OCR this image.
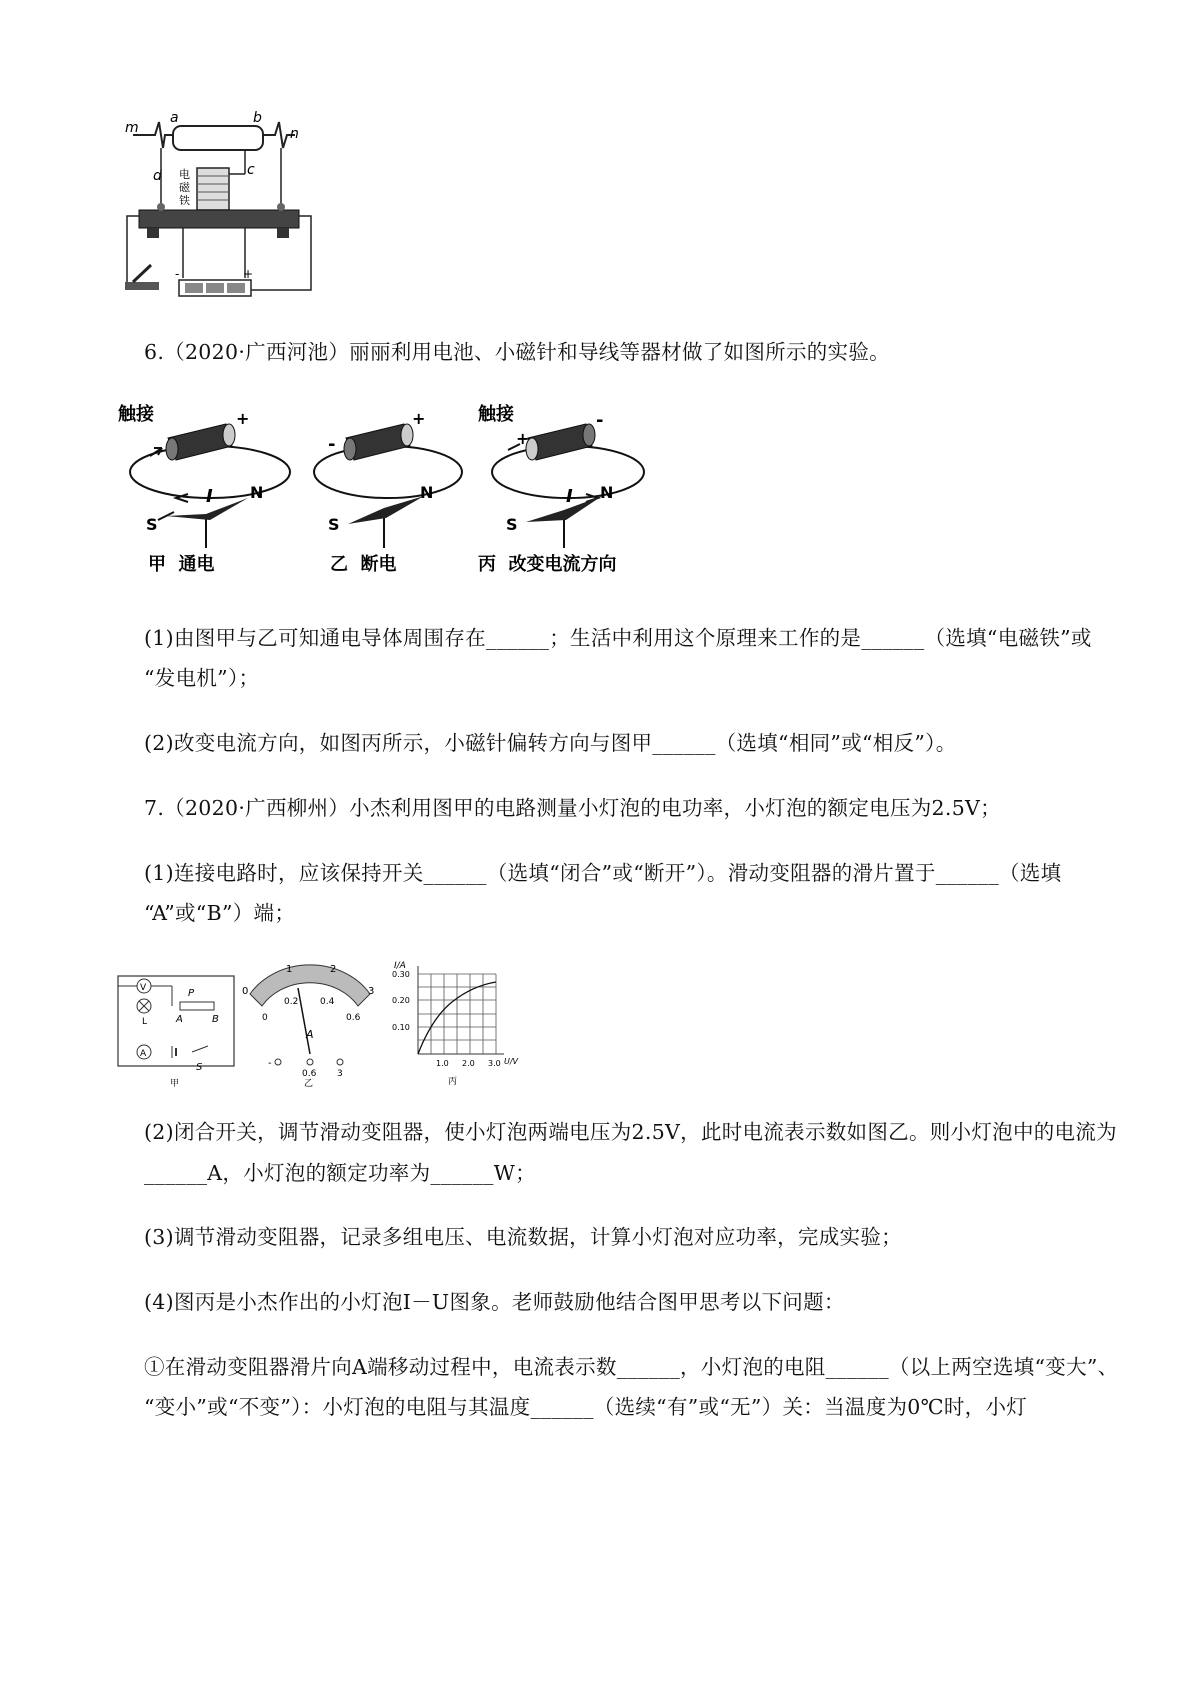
m
a	b
n
d	c
电
磁
铁
-	+
6.（2020·广西河池）丽丽利用电池、小磁针和导线等器材做了如图所示的实验。
触接	+
I
S
N
甲  通电
-
+
S
N
乙  断电
触接
+
-
I
S
N
丙  改变电流方向
(1)由图甲与乙可知通电导体周围存在______；生活中利用这个原理来工作的是______（选填“电磁铁”或
“发电机”）；
(2)改变电流方向，如图丙所示，小磁针偏转方向与图甲______（选填“相同”或“相反”）。
7.（2020·广西柳州）小杰利用图甲的电路测量小灯泡的电功率，小灯泡的额定电压为2.5V；
(1)连接电路时，应该保持开关______（选填“闭合”或“断开”）。滑动变阻器的滑片置于______（选填
“A”或“B”）端；
V
L
P
A	B
A
S
甲
0
1	2
3
0
0.2 0.4
0.6
A
-
0.6 3
乙
I/A
0.30
0.20
0.10
1.0 2.0 3.0 U/V
丙
(2)闭合开关，调节滑动变阻器，使小灯泡两端电压为2.5V，此时电流表示数如图乙。则小灯泡中的电流为
______A，小灯泡的额定功率为______W；
(3)调节滑动变阻器，记录多组电压、电流数据，计算小灯泡对应功率，完成实验；
(4)图丙是小杰作出的小灯泡I－U图象。老师鼓励他结合图甲思考以下问题：
①在滑动变阻器滑片向A端移动过程中，电流表示数______，小灯泡的电阻______（以上两空选填“变大”、
“变小”或“不变”）：小灯泡的电阻与其温度______（选续“有”或“无”）关：当温度为0℃时，小灯
